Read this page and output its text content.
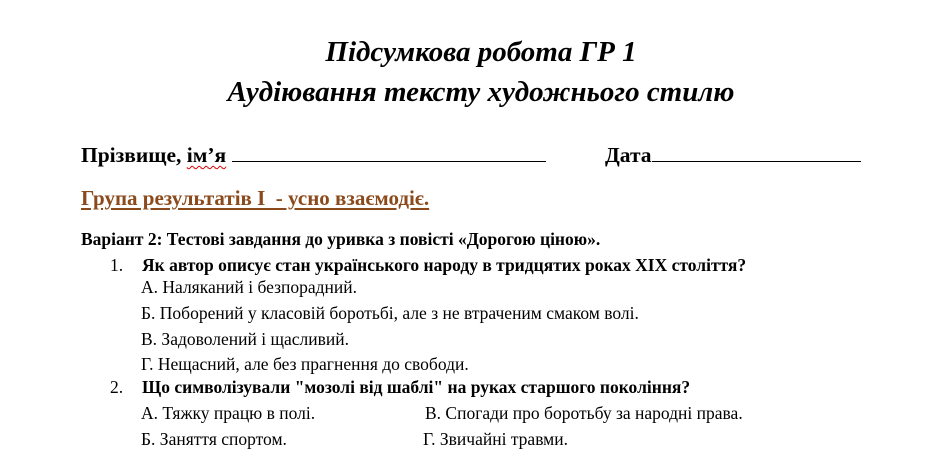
Підсумкова робота ГР 1
Аудіювання тексту художнього стилю
Прізвище, ім’я	Дата
Група результатів І  - усно взаємодіє.
Варіант 2: Тестові завдання до уривка з повісті «Дорогою ціною».
1. Як автор описує стан українського народу в тридцятих роках ХІХ століття?
А. Наляканий і безпорадний.
Б. Поборений у класовій боротьбі, але з не втраченим смаком волі.
В. Задоволений і щасливий.
Г. Нещасний, але без прагнення до свободи.
2. Що символізували "мозолі від шаблі" на руках старшого покоління?
А. Тяжку працю в полі.	В. Спогади про боротьбу за народні права.
Б. Заняття спортом.	Г. Звичайні травми.
